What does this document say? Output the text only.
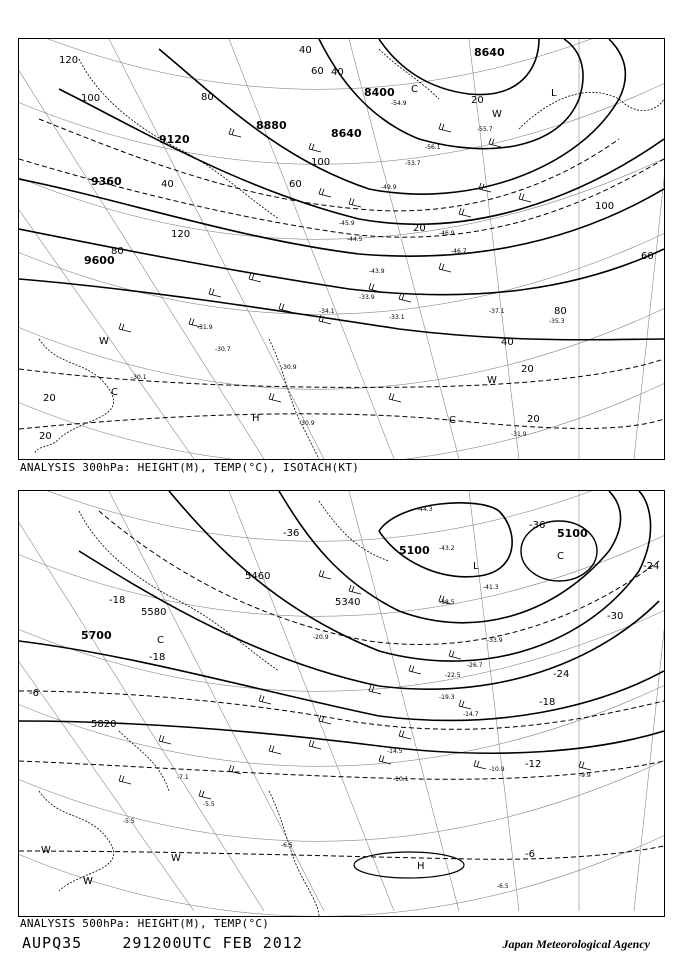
9600
9360
9120
8880
8640
8400
8640
120
100	80
60 40
40
20
100
120
80
60
40
20
100
80
60
40
20
20
20
20
C
W
C
H	C
L
W
W
-31.9
-30.7
-30.1
-30.9
-30.9
-31.9
-33.1
-33.9
-34.1
-35.3
-37.1
-54.9
-55.7
-56.1
-53.7
-49.9
-45.9
-44.5
-43.9
-46.9
-46.7
ANALYSIS 300hPa: HEIGHT(M), TEMP(°C), ISOTACH(KT)
5820
5700
5580
5460
5340
5100
5100
-6
-18
-36
-30
-24
-18
-12
-6
-18
-24
-36
C
W
W
W
H
L
C
-5.5
-5.5
-7.1
-14.5
-10.1
-10.9
-9.9
-20.9
-26.7
-33.9
-38.5
-43.2
-41.3
-44.3
-22.5
-19.3
-14.7
-6.5
-6.5
ANALYSIS 500hPa: HEIGHT(M), TEMP(°C)
AUPQ35	291200UTC FEB 2012	Japan Meteorological Agency
